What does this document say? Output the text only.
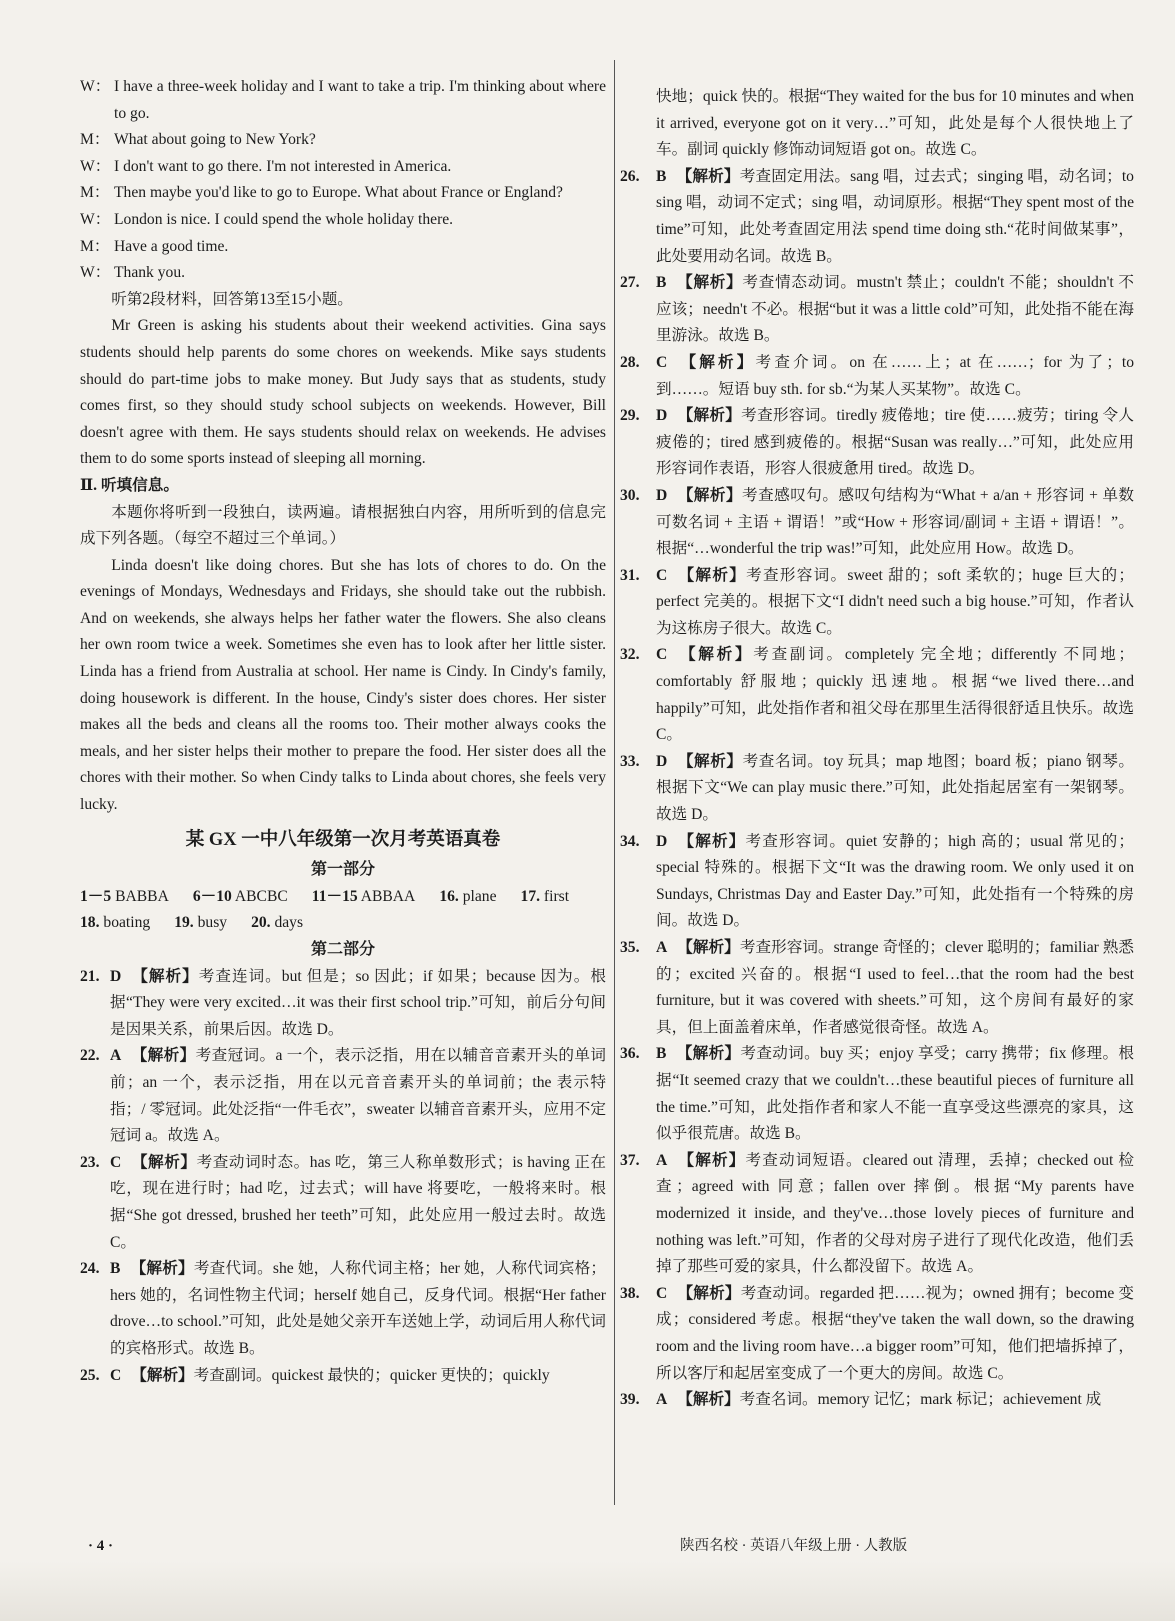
W： I have a three-week holiday and I want to take a trip. I'm thinking about where to go.
M： What about going to New York?
W： I don't want to go there. I'm not interested in America.
M： Then maybe you'd like to go to Europe. What about France or England?
W： London is nice. I could spend the whole holiday there.
M： Have a good time.
W： Thank you.
听第2段材料，回答第13至15小题。
Mr Green is asking his students about their weekend activities. Gina says students should help parents do some chores on weekends. Mike says students should do part-time jobs to make money. But Judy says that as students, study comes first, so they should study school subjects on weekends. However, Bill doesn't agree with them. He says students should relax on weekends. He advises them to do some sports instead of sleeping all morning.
Ⅱ. 听填信息。
本题你将听到一段独白，读两遍。请根据独白内容，用所听到的信息完成下列各题。（每空不超过三个单词。）
Linda doesn't like doing chores. But she has lots of chores to do. On the evenings of Mondays, Wednesdays and Fridays, she should take out the rubbish. And on weekends, she always helps her father water the flowers. She also cleans her own room twice a week. Sometimes she even has to look after her little sister. Linda has a friend from Australia at school. Her name is Cindy. In Cindy's family, doing housework is different. In the house, Cindy's sister does chores. Her sister makes all the beds and cleans all the rooms too. Their mother always cooks the meals, and her sister helps their mother to prepare the food. Her sister does all the chores with their mother. So when Cindy talks to Linda about chores, she feels very lucky.
某 GX 一中八年级第一次月考英语真卷
第一部分
1－5 BABBA 6－10 ABCBC 11－15 ABBAA 16. plane 17. first
18. boating 19. busy 20. days
第二部分
21. D 【解析】考查连词。but 但是；so 因此；if 如果；because 因为。根据“They were very excited…it was their first school trip.”可知，前后分句间是因果关系，前果后因。故选 D。
22. A 【解析】考查冠词。a 一个，表示泛指，用在以辅音音素开头的单词前；an 一个，表示泛指，用在以元音音素开头的单词前；the 表示特指；/ 零冠词。此处泛指“一件毛衣”，sweater 以辅音音素开头，应用不定冠词 a。故选 A。
23. C 【解析】考查动词时态。has 吃，第三人称单数形式；is having 正在吃，现在进行时；had 吃，过去式；will have 将要吃，一般将来时。根据“She got dressed, brushed her teeth”可知，此处应用一般过去时。故选 C。
24. B 【解析】考查代词。she 她，人称代词主格；her 她，人称代词宾格；hers 她的，名词性物主代词；herself 她自己，反身代词。根据“Her father drove…to school.”可知，此处是她父亲开车送她上学，动词后用人称代词的宾格形式。故选 B。
25. C 【解析】考查副词。quickest 最快的；quicker 更快的；quickly
快地；quick 快的。根据“They waited for the bus for 10 minutes and when it arrived, everyone got on it very…”可知，此处是每个人很快地上了车。副词 quickly 修饰动词短语 got on。故选 C。
26.	B 【解析】考查固定用法。sang 唱，过去式；singing 唱，动名词；to sing 唱，动词不定式；sing 唱，动词原形。根据“They spent most of the time”可知，此处考查固定用法 spend time doing sth.“花时间做某事”，此处要用动名词。故选 B。
27.	B 【解析】考查情态动词。mustn't 禁止；couldn't 不能；shouldn't 不应该；needn't 不必。根据“but it was a little cold”可知，此处指不能在海里游泳。故选 B。
28.	C 【解析】考查介词。on 在……上；at 在……；for 为了；to 到……。短语 buy sth. for sb.“为某人买某物”。故选 C。
29.	D 【解析】考查形容词。tiredly 疲倦地；tire 使……疲劳；tiring 令人疲倦的；tired 感到疲倦的。根据“Susan was really…”可知，此处应用形容词作表语，形容人很疲惫用 tired。故选 D。
30.	D 【解析】考查感叹句。感叹句结构为“What + a/an + 形容词 + 单数可数名词 + 主语 + 谓语！”或“How + 形容词/副词 + 主语 + 谓语！”。根据“…wonderful the trip was!”可知，此处应用 How。故选 D。
31.	C 【解析】考查形容词。sweet 甜的；soft 柔软的；huge 巨大的；perfect 完美的。根据下文“I didn't need such a big house.”可知，作者认为这栋房子很大。故选 C。
32.	C 【解析】考查副词。completely 完全地；differently 不同地；comfortably 舒服地；quickly 迅速地。根据“we lived there…and happily”可知，此处指作者和祖父母在那里生活得很舒适且快乐。故选 C。
33.	D 【解析】考查名词。toy 玩具；map 地图；board 板；piano 钢琴。根据下文“We can play music there.”可知，此处指起居室有一架钢琴。故选 D。
34.	D 【解析】考查形容词。quiet 安静的；high 高的；usual 常见的；special 特殊的。根据下文“It was the drawing room. We only used it on Sundays, Christmas Day and Easter Day.”可知，此处指有一个特殊的房间。故选 D。
35.	A 【解析】考查形容词。strange 奇怪的；clever 聪明的；familiar 熟悉的；excited 兴奋的。根据“I used to feel…that the room had the best furniture, but it was covered with sheets.”可知，这个房间有最好的家具，但上面盖着床单，作者感觉很奇怪。故选 A。
36.	B 【解析】考查动词。buy 买；enjoy 享受；carry 携带；fix 修理。根据“It seemed crazy that we couldn't…these beautiful pieces of furniture all the time.”可知，此处指作者和家人不能一直享受这些漂亮的家具，这似乎很荒唐。故选 B。
37.	A 【解析】考查动词短语。cleared out 清理，丢掉；checked out 检查；agreed with 同意；fallen over 摔倒。根据“My parents have modernized it inside, and they've…those lovely pieces of furniture and nothing was left.”可知，作者的父母对房子进行了现代化改造，他们丢掉了那些可爱的家具，什么都没留下。故选 A。
38.	C 【解析】考查动词。regarded 把……视为；owned 拥有；become 变成；considered 考虑。根据“they've taken the wall down, so the drawing room and the living room have…a bigger room”可知，他们把墙拆掉了，所以客厅和起居室变成了一个更大的房间。故选 C。
39.	A 【解析】考查名词。memory 记忆；mark 标记；achievement 成
· 4 ·	陕西名校 · 英语八年级上册 · 人教版
